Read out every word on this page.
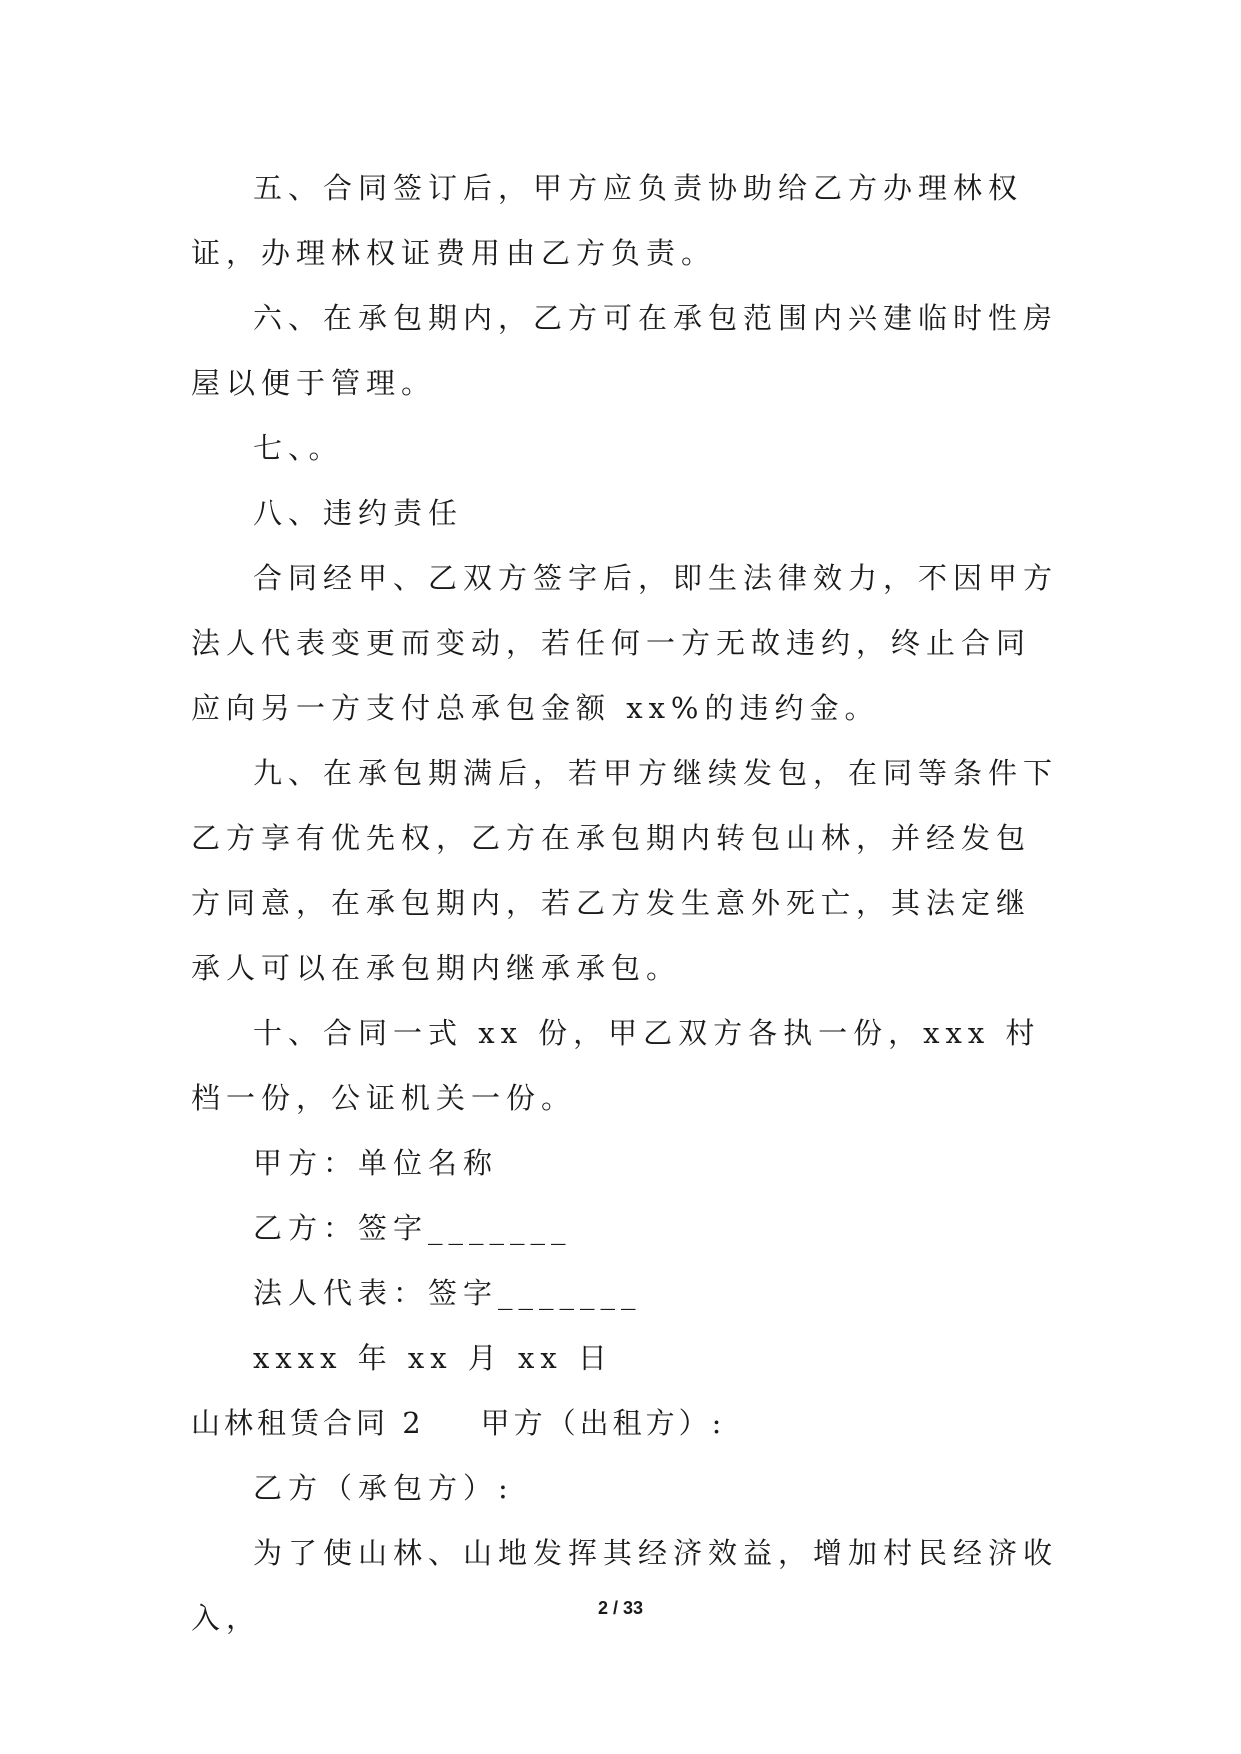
五、合同签订后，甲方应负责协助给乙方办理林权证，办理林权证费用由乙方负责。

六、在承包期内，乙方可在承包范围内兴建临时性房屋以便于管理。

七、。

八、违约责任

合同经甲、乙双方签字后，即生法律效力，不因甲方法人代表变更而变动，若任何一方无故违约，终止合同应向另一方支付总承包金额 xx%的违约金。

九、在承包期满后，若甲方继续发包，在同等条件下乙方享有优先权，乙方在承包期内转包山林，并经发包方同意，在承包期内，若乙方发生意外死亡，其法定继承人可以在承包期内继承承包。

十、合同一式 xx 份，甲乙双方各执一份，xxx 村档一份，公证机关一份。

甲方：单位名称

乙方：签字_______

法人代表：签字_______

xxxx 年 xx 月 xx 日

山林租赁合同 2 甲方（出租方）:

乙方（承包方）:

为了使山林、山地发挥其经济效益，增加村民经济收入，	2 / 33
